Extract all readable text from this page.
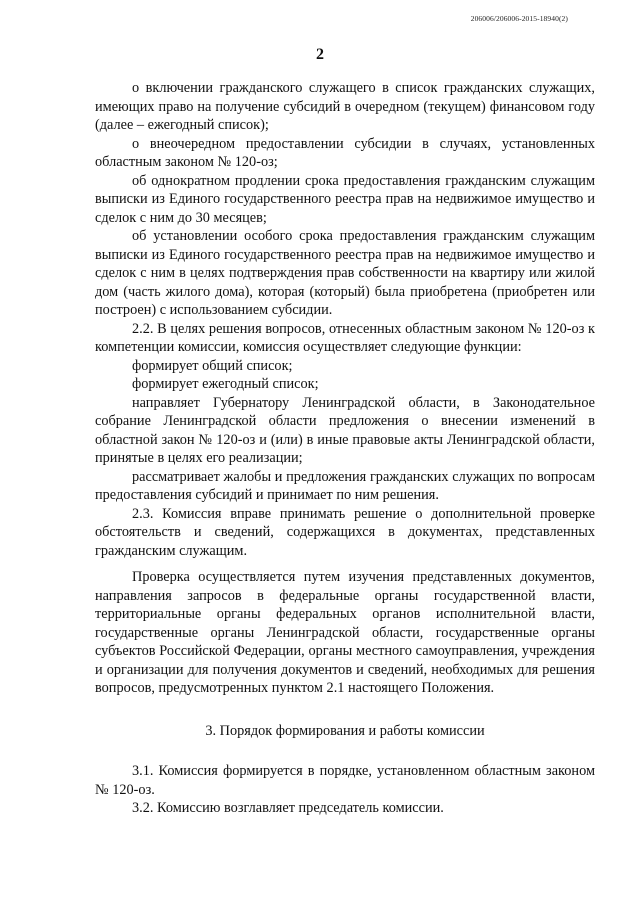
206006/206006-2015-18940(2)
2

о включении гражданского служащего в список гражданских служащих, имеющих право на получение субсидий в очередном (текущем) финансовом году (далее – ежегодный список);

о внеочередном предоставлении субсидии в случаях, установленных областным законом № 120-оз;

об однократном продлении срока предоставления гражданским служащим выписки из Единого государственного реестра прав на недвижимое имущество и сделок с ним до 30 месяцев;

об установлении особого срока предоставления гражданским служащим выписки из Единого государственного реестра прав на недвижимое имущество и сделок с ним в целях подтверждения прав собственности на квартиру или жилой дом (часть жилого дома), которая (который) была приобретена (приобретен или построен) с использованием субсидии.

2.2. В целях решения вопросов, отнесенных областным законом № 120-оз к компетенции комиссии, комиссия осуществляет следующие функции:

формирует общий список;

формирует ежегодный список;

направляет Губернатору Ленинградской области, в Законодательное собрание Ленинградской области предложения о внесении изменений в областной закон № 120-оз и (или) в иные правовые акты Ленинградской области, принятые в целях его реализации;

рассматривает жалобы и предложения гражданских служащих по вопросам предоставления субсидий и принимает по ним решения.

2.3. Комиссия вправе принимать решение о дополнительной проверке обстоятельств и сведений, содержащихся в документах, представленных гражданским служащим.

Проверка осуществляется путем изучения представленных документов, направления запросов в федеральные органы государственной власти, территориальные органы федеральных органов исполнительной власти, государственные органы Ленинградской области, государственные органы субъектов Российской Федерации, органы местного самоуправления, учреждения и организации для получения документов и сведений, необходимых для решения вопросов, предусмотренных пунктом 2.1 настоящего Положения.

3. Порядок формирования и работы комиссии

3.1. Комиссия формируется в порядке, установленном областным законом № 120-оз.

3.2. Комиссию возглавляет председатель комиссии.
